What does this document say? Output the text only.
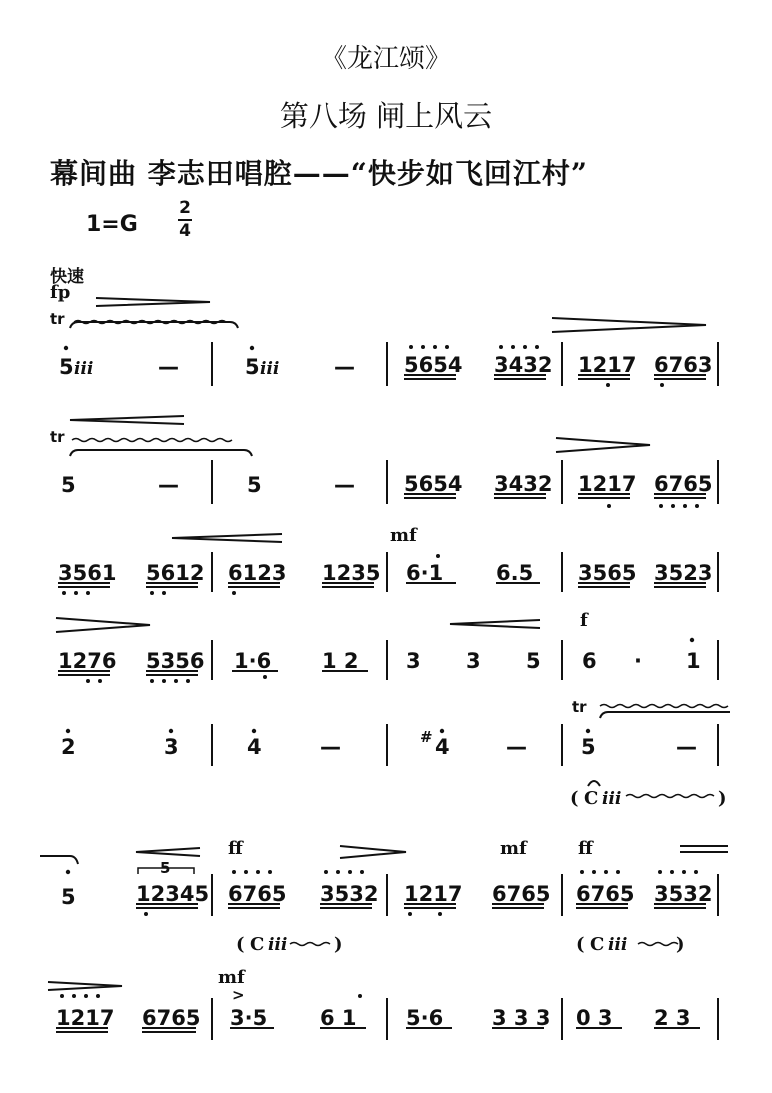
《龙江颂》
第八场 闸上风云
幕间曲 李志田唱腔——“快步如飞回江村”
1=G
2
4
快速
fp
tr
5 ⅲ	—	5 ⅲ	— 5654 3432 1217 6763
tr
5	—	5	— 5654 3432 1217 6765
mf
3561 5612 6123 1235 6·1	6.5 3565 3523
f
1276 5356 1·6 1 2 3 3 5 6 · 1
tr
2	3	4	—	# 4	—	5	—
( C ⅲ	)
ff	mf	ff
5
5	12345 6765 3532 1217 6765 6765 3532
( C ⅲ	)	( C ⅲ	)
mf
>
1217 6765 3·5	6 1 5·6 3 3 3 0 3 2 3
